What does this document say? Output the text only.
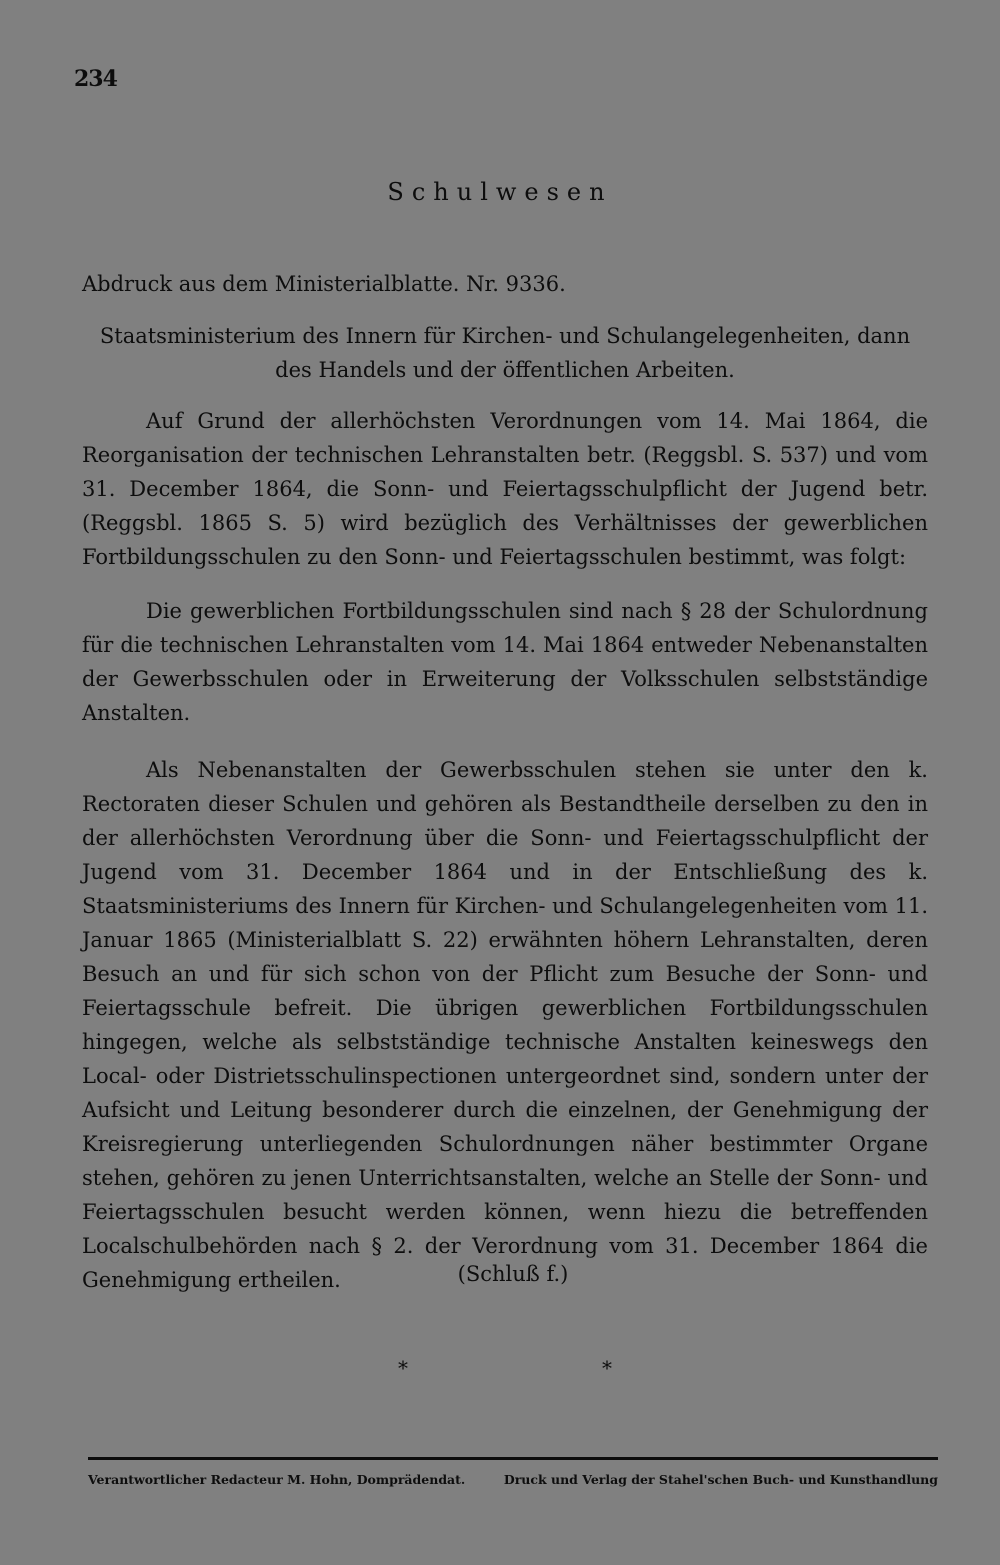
234
Schulwesen

Abdruck aus dem Ministerialblatte. Nr. 9336.

Staatsministerium des Innern für Kirchen- und Schulangelegenheiten, dann des Handels und der öffentlichen Arbeiten.

Auf Grund der allerhöchsten Verordnungen vom 14. Mai 1864, die Reorganisation der technischen Lehranstalten betr. (Reggsbl. S. 537) und vom 31. December 1864, die Sonn- und Feiertagsschulpflicht der Jugend betr. (Reggsbl. 1865 S. 5) wird bezüglich des Verhältnisses der gewerblichen Fortbildungsschulen zu den Sonn- und Feiertagsschulen bestimmt, was folgt:

Die gewerblichen Fortbildungsschulen sind nach § 28 der Schulordnung für die technischen Lehranstalten vom 14. Mai 1864 entweder Nebenanstalten der Gewerbsschulen oder in Erweiterung der Volksschulen selbstständige Anstalten.

Als Nebenanstalten der Gewerbsschulen stehen sie unter den k. Rectoraten dieser Schulen und gehören als Bestandtheile derselben zu den in der allerhöchsten Verordnung über die Sonn- und Feiertagsschulpflicht der Jugend vom 31. December 1864 und in der Entschließung des k. Staatsministeriums des Innern für Kirchen- und Schulangelegenheiten vom 11. Januar 1865 (Ministerialblatt S. 22) erwähnten höhern Lehranstalten, deren Besuch an und für sich schon von der Pflicht zum Besuche der Sonn- und Feiertagsschule befreit. Die übrigen gewerblichen Fortbildungsschulen hingegen, welche als selbstständige technische Anstalten keineswegs den Local- oder Distrietsschulinspectionen untergeordnet sind, sondern unter der Aufsicht und Leitung besonderer durch die einzelnen, der Genehmigung der Kreisregierung unterliegenden Schulordnungen näher bestimmter Organe stehen, gehören zu jenen Unterrichtsanstalten, welche an Stelle der Sonn- und Feiertagsschulen besucht werden können, wenn hiezu die betreffenden Localschulbehörden nach § 2. der Verordnung vom 31. December 1864 die Genehmigung ertheilen.	(Schluß f.)
*	*
Verantwortlicher Redacteur M. Hohn, Domprädendat.	Druck und Verlag der Stahel'schen Buch- und Kunsthandlung
